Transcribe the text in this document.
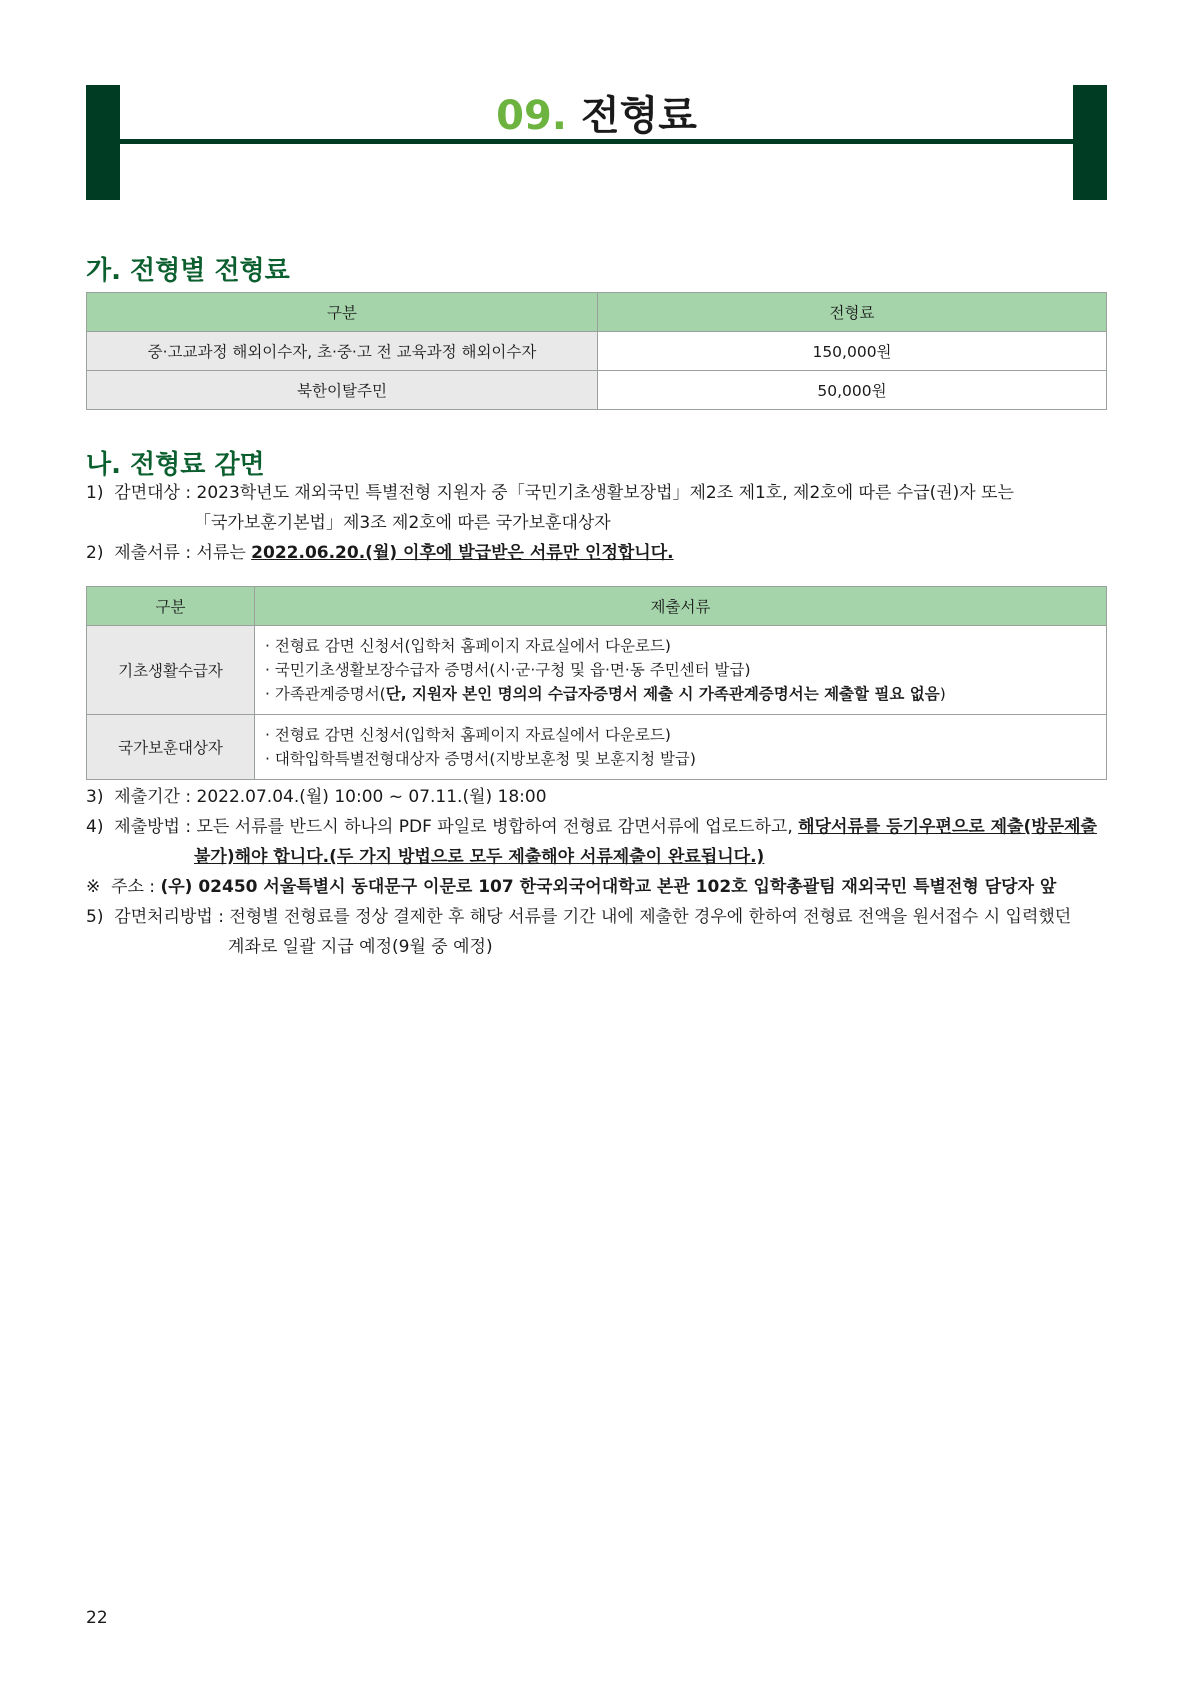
09. 전형료
가. 전형별 전형료
구분	전형료
중·고교과정 해외이수자, 초·중·고 전 교육과정 해외이수자	150,000원
북한이탈주민	50,000원
나. 전형료 감면
1) 감면대상 : 2023학년도 재외국민 특별전형 지원자 중「국민기초생활보장법」제2조 제1호, 제2호에 따른 수급(권)자 또는
「국가보훈기본법」제3조 제2호에 따른 국가보훈대상자
2) 제출서류 : 서류는 2022.06.20.(월) 이후에 발급받은 서류만 인정합니다.
구분	제출서류
기초생활수급자	· 전형료 감면 신청서(입학처 홈페이지 자료실에서 다운로드)
· 국민기초생활보장수급자 증명서(시·군·구청 및 읍·면·동 주민센터 발급)
· 가족관계증명서(단, 지원자 본인 명의의 수급자증명서 제출 시 가족관계증명서는 제출할 필요 없음)

국가보훈대상자	· 전형료 감면 신청서(입학처 홈페이지 자료실에서 다운로드)
· 대학입학특별전형대상자 증명서(지방보훈청 및 보훈지청 발급)
3) 제출기간 : 2022.07.04.(월) 10:00 ~ 07.11.(월) 18:00
4) 제출방법 : 모든 서류를 반드시 하나의 PDF 파일로 병합하여 전형료 감면서류에 업로드하고, 해당서류를 등기우편으로 제출(방문제출
불가)해야 합니다.(두 가지 방법으로 모두 제출해야 서류제출이 완료됩니다.)
※ 주소 : (우) 02450 서울특별시 동대문구 이문로 107 한국외국어대학교 본관 102호 입학총괄팀 재외국민 특별전형 담당자 앞
5) 감면처리방법 : 전형별 전형료를 정상 결제한 후 해당 서류를 기간 내에 제출한 경우에 한하여 전형료 전액을 원서접수 시 입력했던
계좌로 일괄 지급 예정(9월 중 예정)
22
